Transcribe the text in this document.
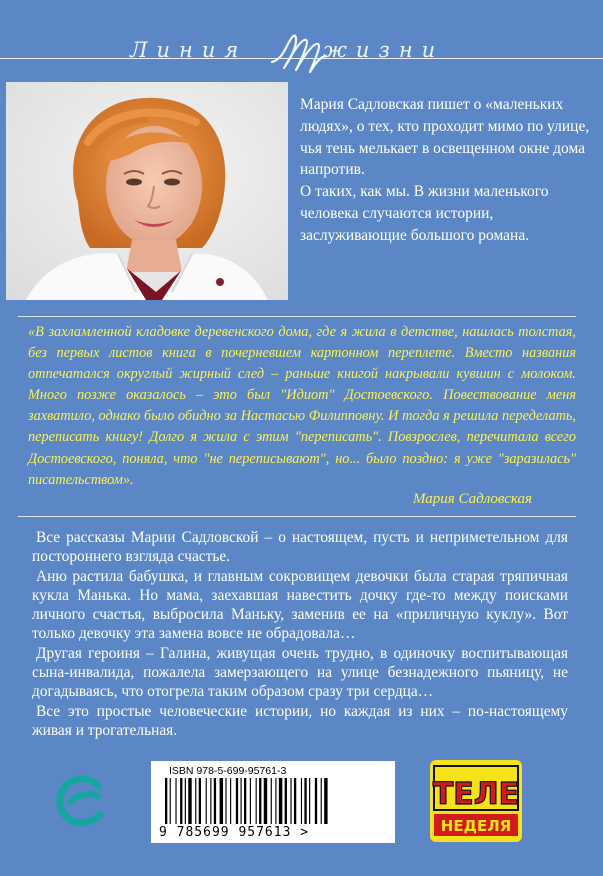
Линия	жизни

Мария Садловская пишет о «маленьких людях», о тех, кто проходит мимо по улице, чья тень мелькает в освещенном окне дома напротив.

О таких, как мы. В жизни маленького человека случаются истории, заслуживающие большого романа.

«В захламленной кладовке деревенского дома, где я жила в детстве, нашлась толстая, без первых листов книга в почерневшем картонном переплете. Вместо названия отпечатался округлый жирный след – раньше книгой накрывали кувшин с молоком. Много позже оказалось – это был "Идиот" Достоевского. Повествование меня захватило, однако было обидно за Настасью Филипповну. И тогда я решила переделать, переписать книгу! Долго я жила с этим "переписать". Повзрослев, перечитала всего Достоевского, поняла, что "не переписывают", но... было поздно: я уже "заразилась" писательством».
Мария Садловская

Все рассказы Марии Садловской – о настоящем, пусть и неприметельном для постороннего взгляда счастье.

Аню растила бабушка, и главным сокровищем девочки была старая тряпичная кукла Манька. Но мама, заехавшая навестить дочку где-то между поисками личного счастья, выбросила Маньку, заменив ее на «приличную куклу». Вот только девочку эта замена вовсе не обрадовала…

Другая героиня – Галина, живущая очень трудно, в одиночку воспитывающая сына-инвалида, пожалела замерзающего на улице безнадежного пьяницу, не догадываясь, что отогрела таким образом сразу три сердца…

Все это простые человеческие истории, но каждая из них – по-настоящему живая и трогательная.

ISBN 978-5-699-95761-3
9 785699 957613 >
ТЕЛЕ
НЕДЕЛЯ
